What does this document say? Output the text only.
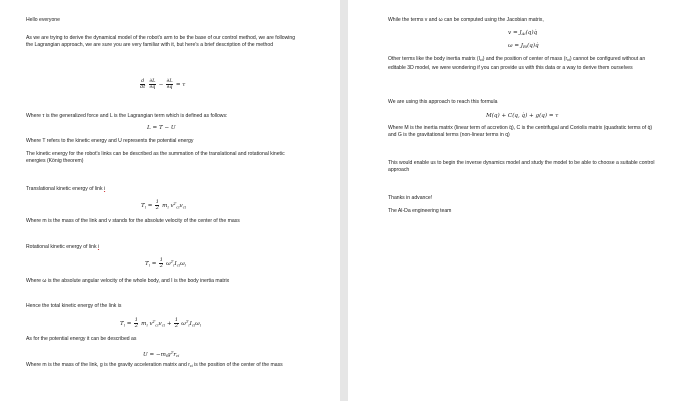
Hello everyone
As we are trying to derive the dynamical model of the robot's arm to be the base of our control method, we are following the Lagrangian approach, we are sure you are very familiar with it, but here's a brief description of the method
$\frac{d}{dt}$
$\frac{\partial L}{\partial q̇} - \frac{\partial L}{\partial q} = \tau$
Where τ is the generalized force and L is the Lagrangian term which is defined as follows:
L = T − U
Where T refers to the kinetic energy and U represents the potential energy
The kinetic energy for the robot's links can be described as the summation of the translational and rotational kinetic energies (König theorem)
Translational kinetic energy of link i
$T_i = \frac{1}{2} m_i$ $v^T_{ci}v_{ci}$
Where m is the mass of the link and v stands for the absolute velocity of the center of the mass
Rotational kinetic energy of link i
$T_i = \frac{1}{2} \omega^T_iI_{ci}\omega_i$
Where ω is the absolute angular velocity of the whole body, and I is the body inertia matrix
Hence the total kinetic energy of the link is
$T_i = \frac{1}{2} m_i$ $v^T_{ci}v_{ci} + \frac{1}{2} \omega^T_iI_{ci}\omega_i$
As for the potential energy it can be described as
$U = -m_ig^Tr_{ci}$
Where m is the mass of the link, g is the gravity acceleration matrix and $r_{ci}$ is the position of the center of the mass
While the terms v and ω can be computed using the Jacobian matrix,
$v = J_{Ai}(q)q̇$
$\omega = J_{Ri}(q)q̇$
Other terms like the body inertia matrix $(I_{ci})$ and the position of center of mass $(r_{ci})$ cannot be configured without an editable 3D model, we were wondering if you can provide us with this data or a way to derive them ourselves
We are using this approach to reach this formula
M(q) + C(q, q̇) + g(q) = τ
Where M is the inertia matrix (linear term of accretion q̈), C is the centrifugal and Coriolis matrix (quadratic terms of q̇) and G is the gravitational terms (non-linear terms in q)
This would enable us to begin the inverse dynamics model and study the model to be able to choose a suitable control approach
Thanks in advance!
The Al-Da engineering team
